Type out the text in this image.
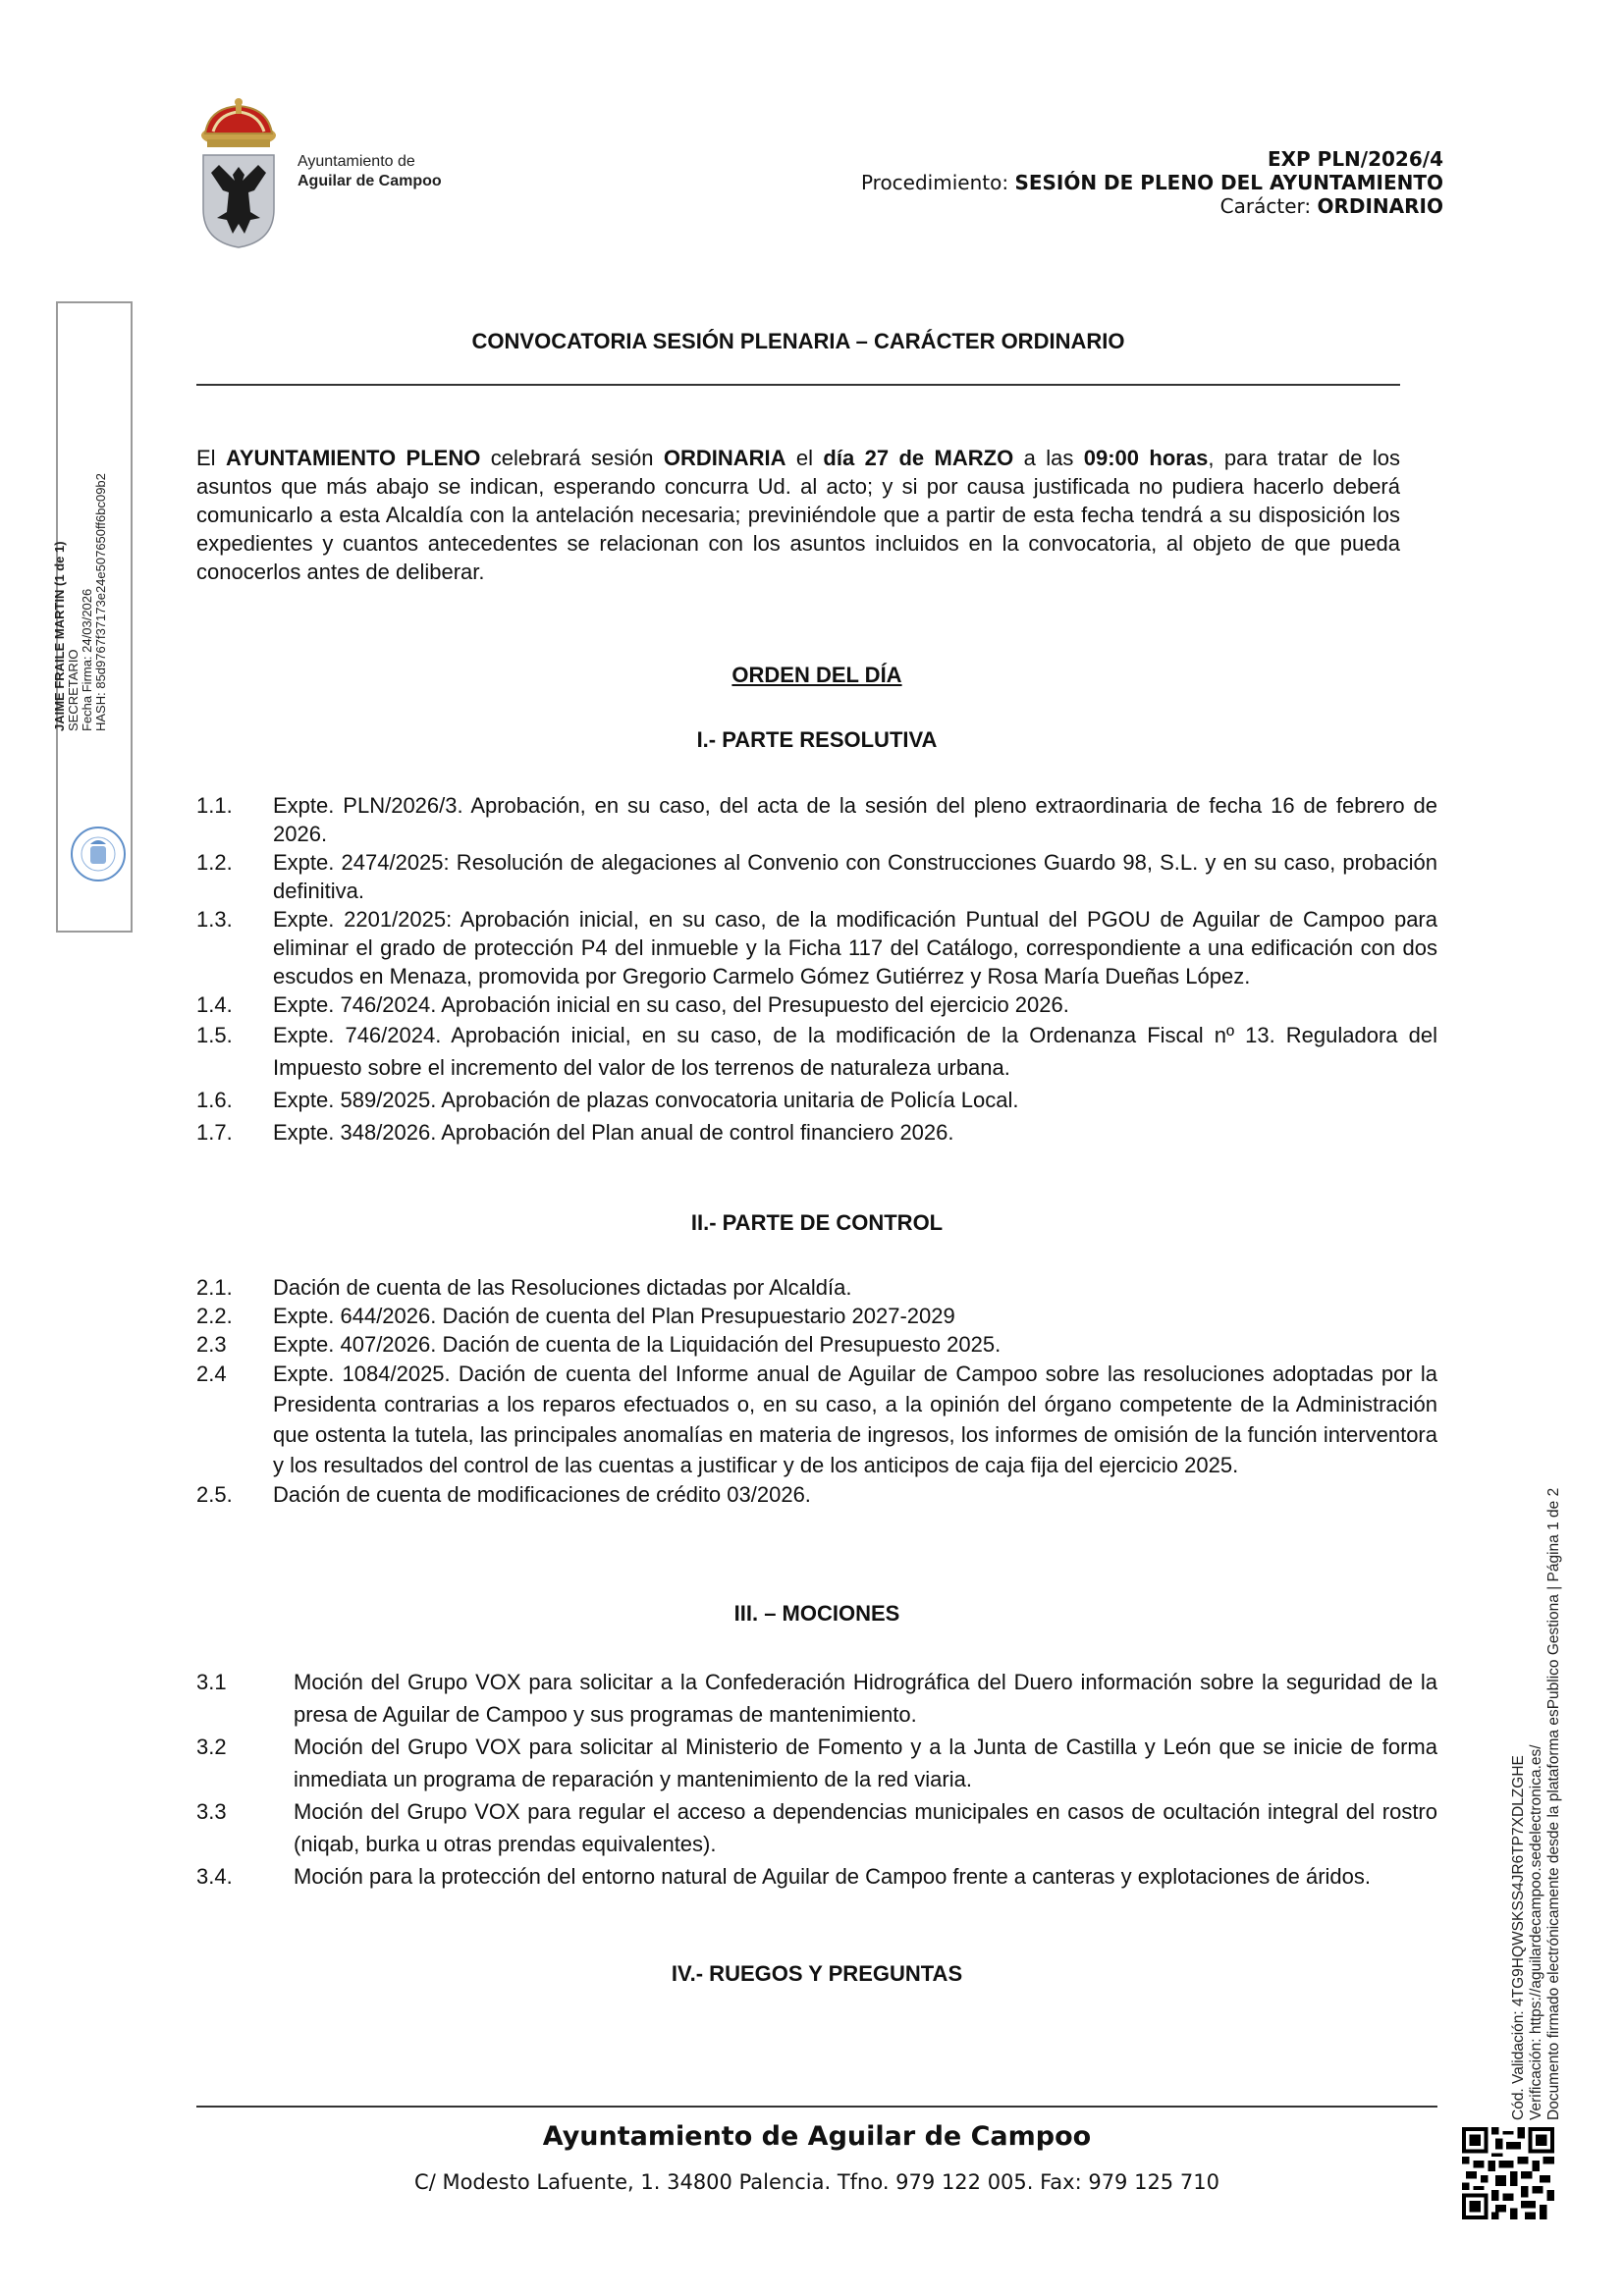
Ayuntamiento de
Aguilar de Campoo
EXP PLN/2026/4
Procedimiento: SESIÓN DE PLENO DEL AYUNTAMIENTO
Carácter: ORDINARIO
JAIME FRAILE MARTIN (1 de 1) SECRETARIO Fecha Firma: 24/03/2026 HASH: 85d9767f37173e24e507650ff6bc09b2
Cód. Validación: 4TG9HQWSKSS4JR6TP7XDLZGHE Verificación: https://aguilardecampoo.sedelectronica.es/ Documento firmado electrónicamente desde la plataforma esPublico Gestiona | Página 1 de 2
CONVOCATORIA SESIÓN PLENARIA – CARÁCTER ORDINARIO
El AYUNTAMIENTO PLENO celebrará sesión ORDINARIA el día 27 de MARZO a las 09:00 horas, para tratar de los asuntos que más abajo se indican, esperando concurra Ud. al acto; y si por causa justificada no pudiera hacerlo deberá comunicarlo a esta Alcaldía con la antelación necesaria; previniéndole que a partir de esta fecha tendrá a su disposición los expedientes y cuantos antecedentes se relacionan con los asuntos incluidos en la convocatoria, al objeto de que pueda conocerlos antes de deliberar.
ORDEN DEL DÍA
I.- PARTE RESOLUTIVA
1.1.	Expte. PLN/2026/3. Aprobación, en su caso, del acta de la sesión del pleno extraordinaria de fecha 16 de febrero de 2026.
1.2.	Expte. 2474/2025: Resolución de alegaciones al Convenio con Construcciones Guardo 98, S.L. y en su caso, probación definitiva.
1.3.	Expte. 2201/2025: Aprobación inicial, en su caso, de la modificación Puntual del PGOU de Aguilar de Campoo para eliminar el grado de protección P4 del inmueble y la Ficha 117 del Catálogo, correspondiente a una edificación con dos escudos en Menaza, promovida por Gregorio Carmelo Gómez Gutiérrez y Rosa María Dueñas López.
1.4.	Expte. 746/2024. Aprobación inicial en su caso, del Presupuesto del ejercicio 2026.
1.5.	Expte. 746/2024. Aprobación inicial, en su caso, de la modificación de la Ordenanza Fiscal nº 13. Reguladora del Impuesto sobre el incremento del valor de los terrenos de naturaleza urbana.
1.6.	Expte. 589/2025. Aprobación de plazas convocatoria unitaria de Policía Local.
1.7.	Expte. 348/2026. Aprobación del Plan anual de control financiero 2026.
II.- PARTE DE CONTROL
2.1.	Dación de cuenta de las Resoluciones dictadas por Alcaldía.
2.2.	Expte. 644/2026. Dación de cuenta del Plan Presupuestario 2027-2029
2.3	Expte. 407/2026. Dación de cuenta de la Liquidación del Presupuesto 2025.
2.4	Expte. 1084/2025. Dación de cuenta del Informe anual de Aguilar de Campoo sobre las resoluciones adoptadas por la Presidenta contrarias a los reparos efectuados o, en su caso, a la opinión del órgano competente de la Administración que ostenta la tutela, las principales anomalías en materia de ingresos, los informes de omisión de la función interventora y los resultados del control de las cuentas a justificar y de los anticipos de caja fija del ejercicio 2025.
2.5.	Dación de cuenta de modificaciones de crédito 03/2026.
III. – MOCIONES
3.1	Moción del Grupo VOX para solicitar a la Confederación Hidrográfica del Duero información sobre la seguridad de la presa de Aguilar de Campoo y sus programas de mantenimiento.
3.2	Moción del Grupo VOX para solicitar al Ministerio de Fomento y a la Junta de Castilla y León que se inicie de forma inmediata un programa de reparación y mantenimiento de la red viaria.
3.3	Moción del Grupo VOX para regular el acceso a dependencias municipales en casos de ocultación integral del rostro (niqab, burka u otras prendas equivalentes).
3.4.	Moción para la protección del entorno natural de Aguilar de Campoo frente a canteras y explotaciones de áridos.
IV.- RUEGOS Y PREGUNTAS
Ayuntamiento de Aguilar de Campoo
C/ Modesto Lafuente, 1. 34800 Palencia. Tfno. 979 122 005. Fax: 979 125 710
